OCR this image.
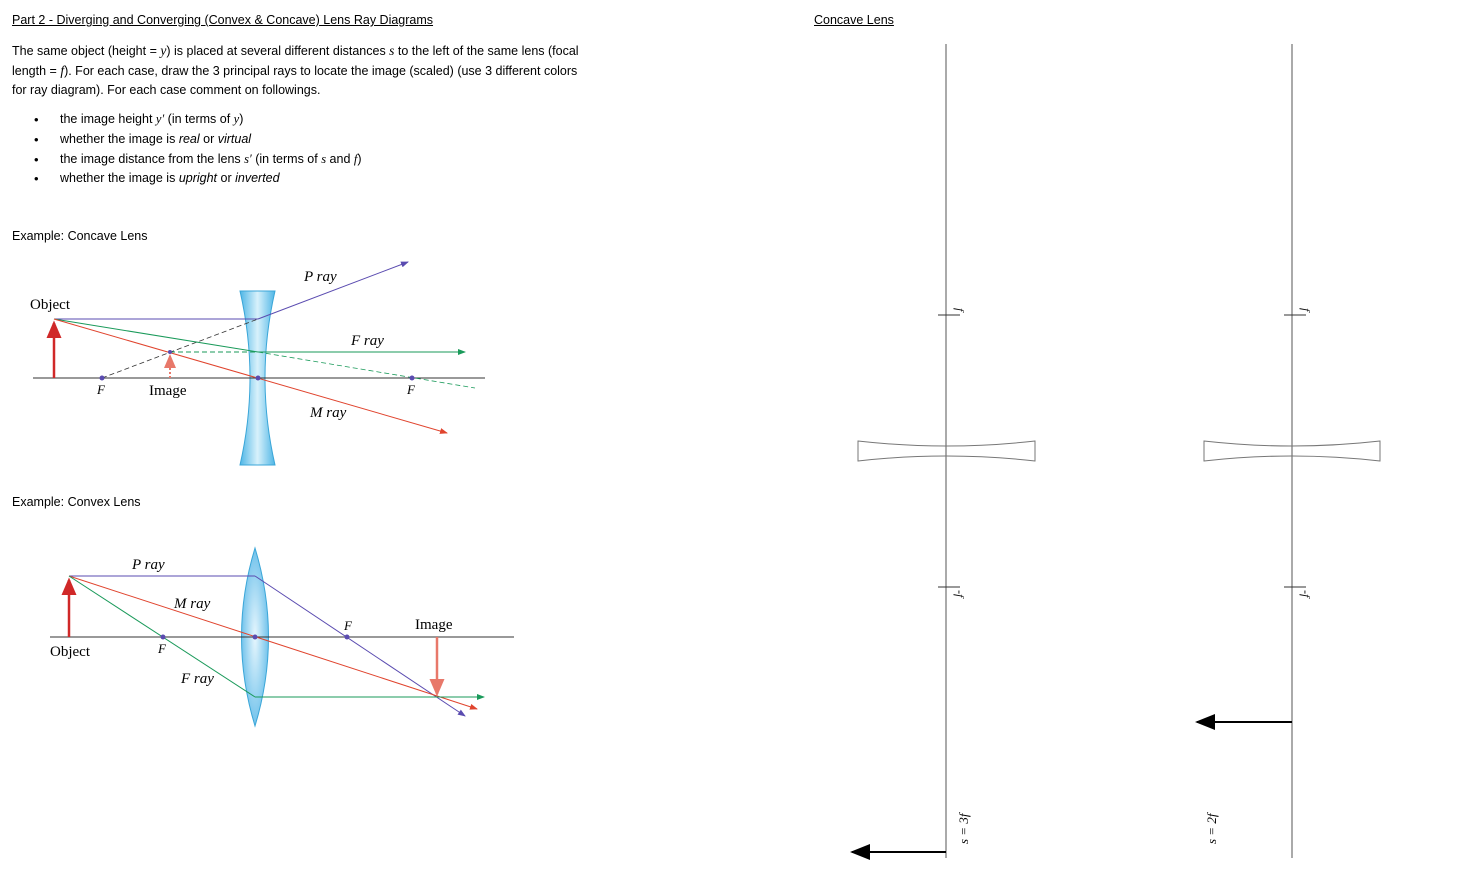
Part 2 - Diverging and Converging (Convex & Concave) Lens Ray Diagrams
The same object (height = y) is placed at several different distances s to the left of the same lens (focal
length = f). For each case, draw the 3 principal rays to locate the image (scaled) (use 3 different colors
for ray diagram). For each case comment on followings.
• the image height y′ (in terms of y)
• whether the image is real or virtual
• the image distance from the lens s′ (in terms of s and f)
• whether the image is upright or inverted
Example: Concave Lens
Example: Convex Lens
Concave Lens
Object
Image
F	F
P ray
F ray
M ray
Object
Image
F
F
P ray
M ray
F ray
f
-f
s = 3f
f
-f
s = 2f
